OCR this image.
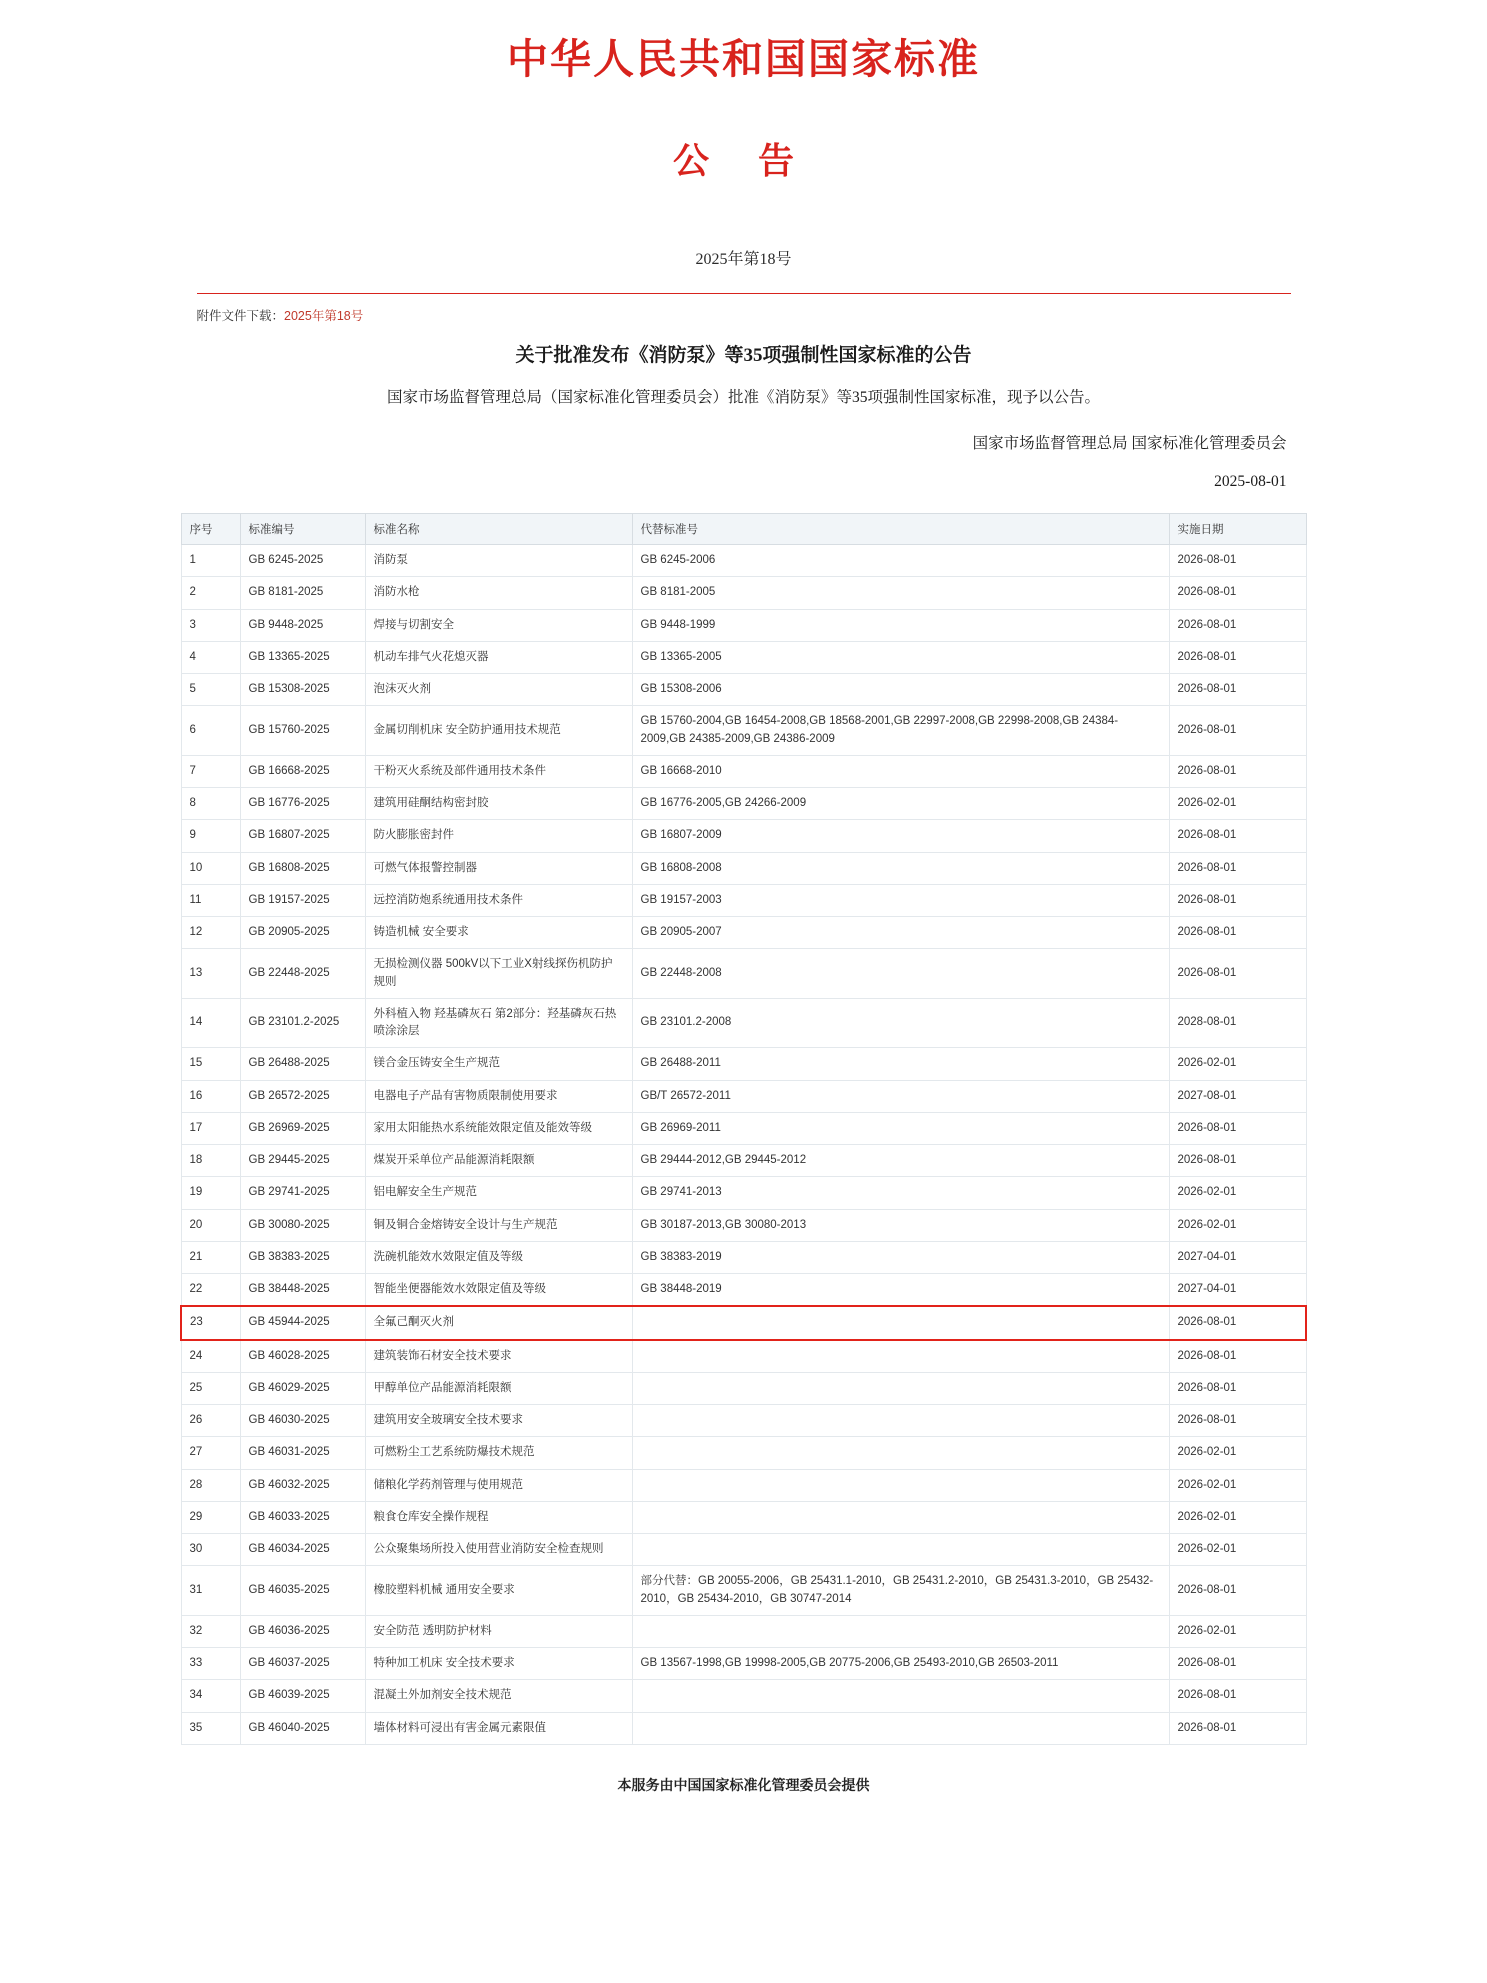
中华人民共和国国家标准
公 告
2025年第18号
附件文件下载：2025年第18号
关于批准发布《消防泵》等35项强制性国家标准的公告
国家市场监督管理总局（国家标准化管理委员会）批准《消防泵》等35项强制性国家标准，现予以公告。
国家市场监督管理总局 国家标准化管理委员会
2025-08-01
序号	标准编号	标准名称	代替标准号	实施日期
1	GB 6245-2025	消防泵	GB 6245-2006	2026-08-01
2	GB 8181-2025	消防水枪	GB 8181-2005	2026-08-01
3	GB 9448-2025	焊接与切割安全	GB 9448-1999	2026-08-01
4	GB 13365-2025	机动车排气火花熄灭器	GB 13365-2005	2026-08-01
5	GB 15308-2025	泡沫灭火剂	GB 15308-2006	2026-08-01
6	GB 15760-2025	金属切削机床 安全防护通用技术规范	GB 15760-2004,GB 16454-2008,GB 18568-2001,GB 22997-2008,GB 22998-2008,GB 24384-2009,GB 24385-2009,GB 24386-2009	2026-08-01
7	GB 16668-2025	干粉灭火系统及部件通用技术条件	GB 16668-2010	2026-08-01
8	GB 16776-2025	建筑用硅酮结构密封胶	GB 16776-2005,GB 24266-2009	2026-02-01
9	GB 16807-2025	防火膨胀密封件	GB 16807-2009	2026-08-01
10	GB 16808-2025	可燃气体报警控制器	GB 16808-2008	2026-08-01
11	GB 19157-2025	远控消防炮系统通用技术条件	GB 19157-2003	2026-08-01
12	GB 20905-2025	铸造机械 安全要求	GB 20905-2007	2026-08-01
13	GB 22448-2025	无损检测仪器 500kV以下工业X射线探伤机防护规则	GB 22448-2008	2026-08-01
14	GB 23101.2-2025	外科植入物 羟基磷灰石 第2部分：羟基磷灰石热喷涂涂层	GB 23101.2-2008	2028-08-01
15	GB 26488-2025	镁合金压铸安全生产规范	GB 26488-2011	2026-02-01
16	GB 26572-2025	电器电子产品有害物质限制使用要求	GB/T 26572-2011	2027-08-01
17	GB 26969-2025	家用太阳能热水系统能效限定值及能效等级	GB 26969-2011	2026-08-01
18	GB 29445-2025	煤炭开采单位产品能源消耗限额	GB 29444-2012,GB 29445-2012	2026-08-01
19	GB 29741-2025	铝电解安全生产规范	GB 29741-2013	2026-02-01
20	GB 30080-2025	铜及铜合金熔铸安全设计与生产规范	GB 30187-2013,GB 30080-2013	2026-02-01
21	GB 38383-2025	洗碗机能效水效限定值及等级	GB 38383-2019	2027-04-01
22	GB 38448-2025	智能坐便器能效水效限定值及等级	GB 38448-2019	2027-04-01
23	GB 45944-2025	全氟己酮灭火剂		2026-08-01
24	GB 46028-2025	建筑装饰石材安全技术要求		2026-08-01
25	GB 46029-2025	甲醇单位产品能源消耗限额		2026-08-01
26	GB 46030-2025	建筑用安全玻璃安全技术要求		2026-08-01
27	GB 46031-2025	可燃粉尘工艺系统防爆技术规范		2026-02-01
28	GB 46032-2025	储粮化学药剂管理与使用规范		2026-02-01
29	GB 46033-2025	粮食仓库安全操作规程		2026-02-01
30	GB 46034-2025	公众聚集场所投入使用营业消防安全检查规则		2026-02-01
31	GB 46035-2025	橡胶塑料机械 通用安全要求	部分代替：GB 20055-2006，GB 25431.1-2010，GB 25431.2-2010，GB 25431.3-2010，GB 25432-2010，GB 25434-2010，GB 30747-2014	2026-08-01
32	GB 46036-2025	安全防范 透明防护材料		2026-02-01
33	GB 46037-2025	特种加工机床 安全技术要求	GB 13567-1998,GB 19998-2005,GB 20775-2006,GB 25493-2010,GB 26503-2011	2026-08-01
34	GB 46039-2025	混凝土外加剂安全技术规范		2026-08-01
35	GB 46040-2025	墙体材料可浸出有害金属元素限值		2026-08-01
本服务由中国国家标准化管理委员会提供
